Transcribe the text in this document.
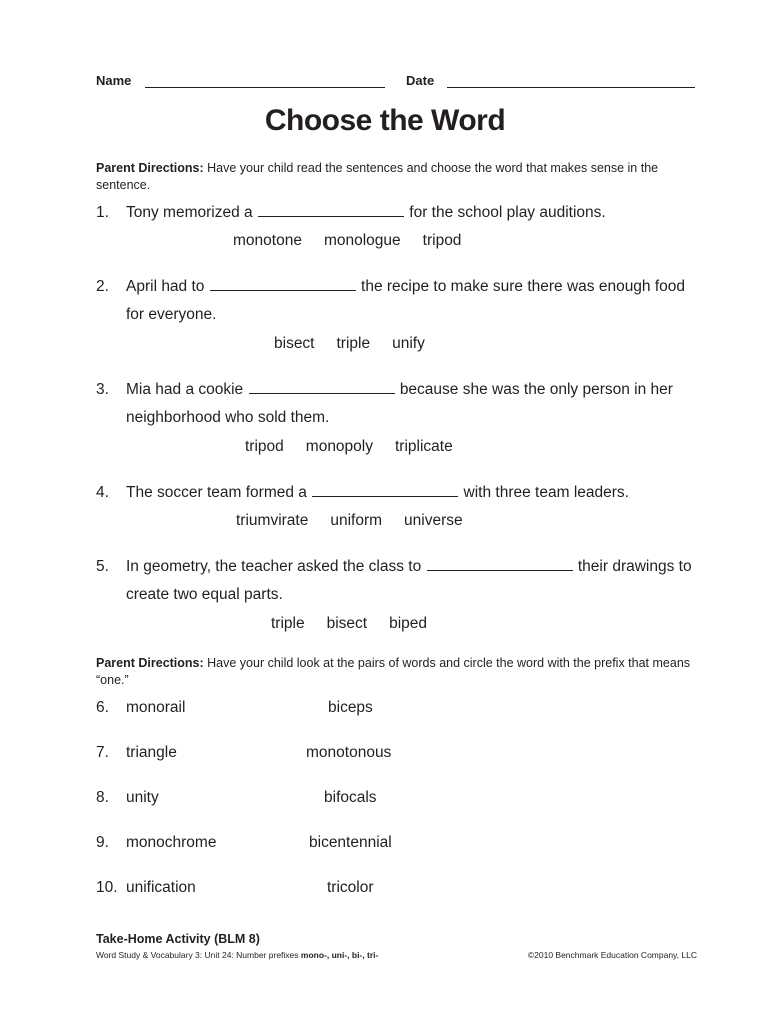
Name	Date
Choose the Word
Parent Directions: Have your child read the sentences and choose the word that makes sense in the sentence.
1. Tony memorized a	for the school play auditions.
monotone monologue tripod
2. April had to	the recipe to make sure there was enough food
for everyone.
bisect triple unify
3. Mia had a cookie	because she was the only person in her
neighborhood who sold them.
tripod monopoly triplicate
4. The soccer team formed a	with three team leaders.
triumvirate uniform universe
5. In geometry, the teacher asked the class to	their drawings to
create two equal parts.
triple bisect biped
Parent Directions: Have your child look at the pairs of words and circle the word with the prefix that means “one.”
6. monorail	biceps
7. triangle	monotonous
8. unity	bifocals
9. monochrome	bicentennial
10. unification	tricolor
Take-Home Activity (BLM 8)
Word Study & Vocabulary 3: Unit 24: Number prefixes mono-, uni-, bi-, tri-	©2010 Benchmark Education Company, LLC
